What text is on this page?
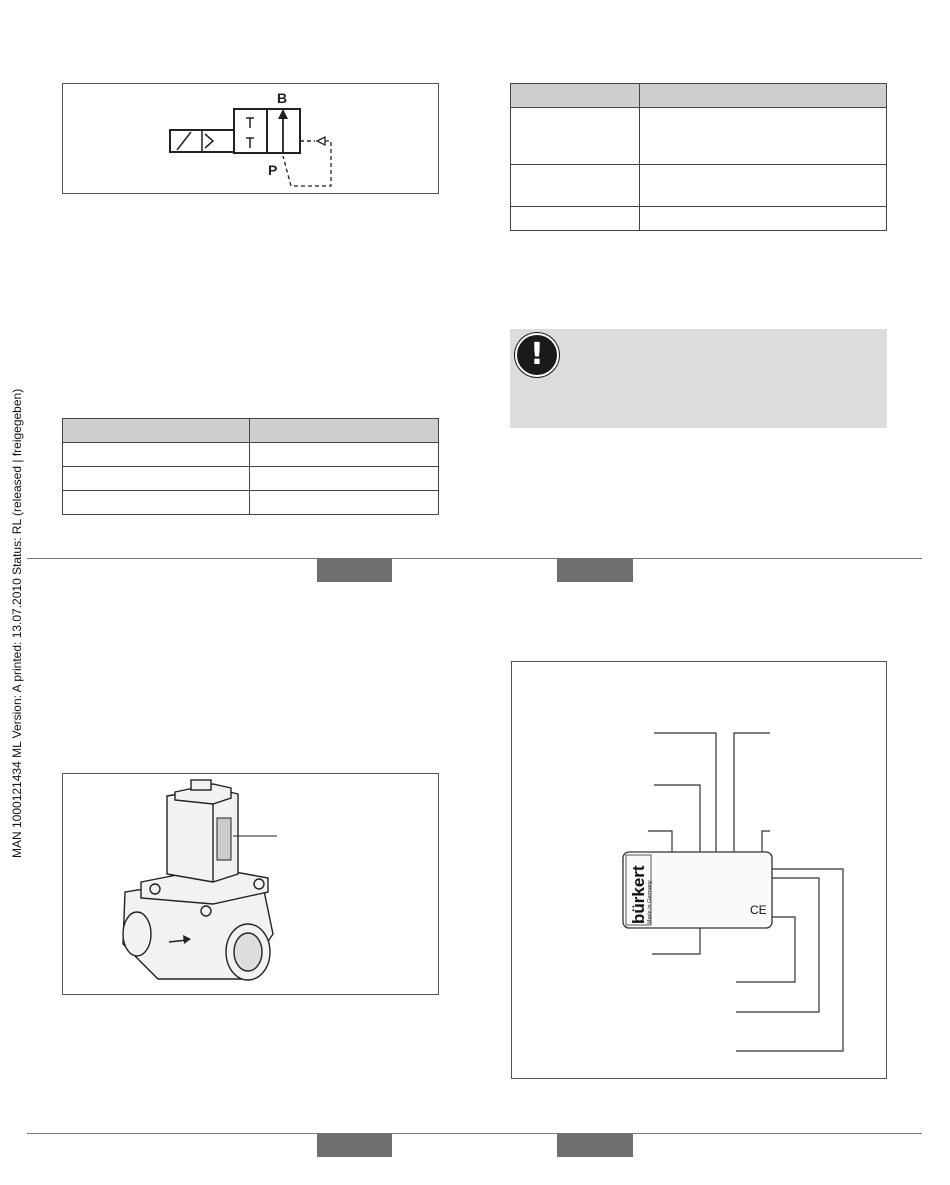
MAN 1000121434 ML Version: A printed: 13.07.2010 Status: RL (released | freigegeben)
B
P

!

bürkert Made in Germany	CE
